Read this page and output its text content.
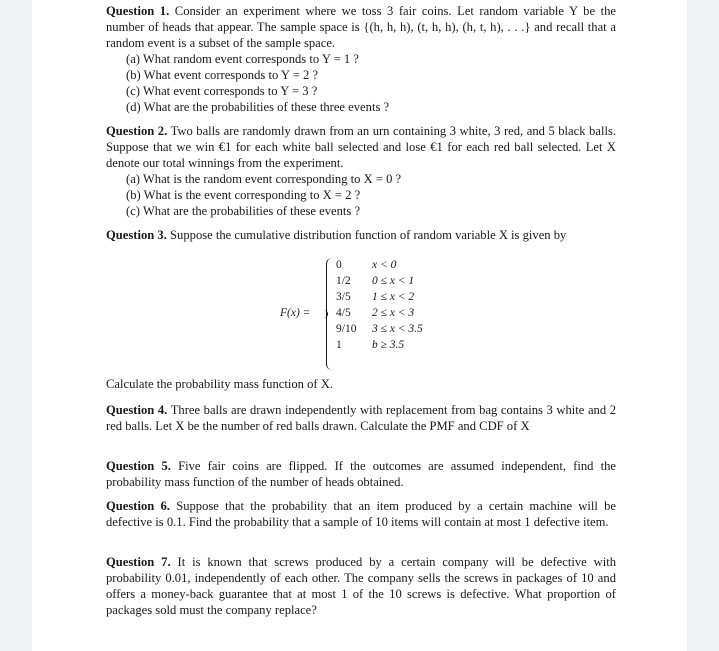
Question 1. Consider an experiment where we toss 3 fair coins. Let random variable Y be the number of heads that appear. The sample space is {(h, h, h), (t, h, h), (h, t, h), . . .} and recall that a random event is a subset of the sample space.
(a) What random event corresponds to Y = 1 ?
(b) What event corresponds to Y = 2 ?
(c) What event corresponds to Y = 3 ?
(d) What are the probabilities of these three events ?
Question 2. Two balls are randomly drawn from an urn containing 3 white, 3 red, and 5 black balls. Suppose that we win €1 for each white ball selected and lose €1 for each red ball selected. Let X denote our total winnings from the experiment.
(a) What is the random event corresponding to X = 0 ?
(b) What is the event corresponding to X = 2 ?
(c) What are the probabilities of these events ?
Question 3. Suppose the cumulative distribution function of random variable X is given by
F(x) =
0	x < 0
1/2 0 ≤ x < 1
3/5 1 ≤ x < 2
4/5 2 ≤ x < 3
9/10 3 ≤ x < 3.5
1	b ≥ 3.5
Calculate the probability mass function of X.
Question 4. Three balls are drawn independently with replacement from bag contains 3 white and 2 red balls. Let X be the number of red balls drawn. Calculate the PMF and CDF of X
Question 5. Five fair coins are flipped. If the outcomes are assumed independent, find the probability mass function of the number of heads obtained.
Question 6. Suppose that the probability that an item produced by a certain machine will be defective is 0.1. Find the probability that a sample of 10 items will contain at most 1 defective item.
Question 7. It is known that screws produced by a certain company will be defective with probability 0.01, independently of each other. The company sells the screws in packages of 10 and offers a money-back guarantee that at most 1 of the 10 screws is defective. What proportion of packages sold must the company replace?
